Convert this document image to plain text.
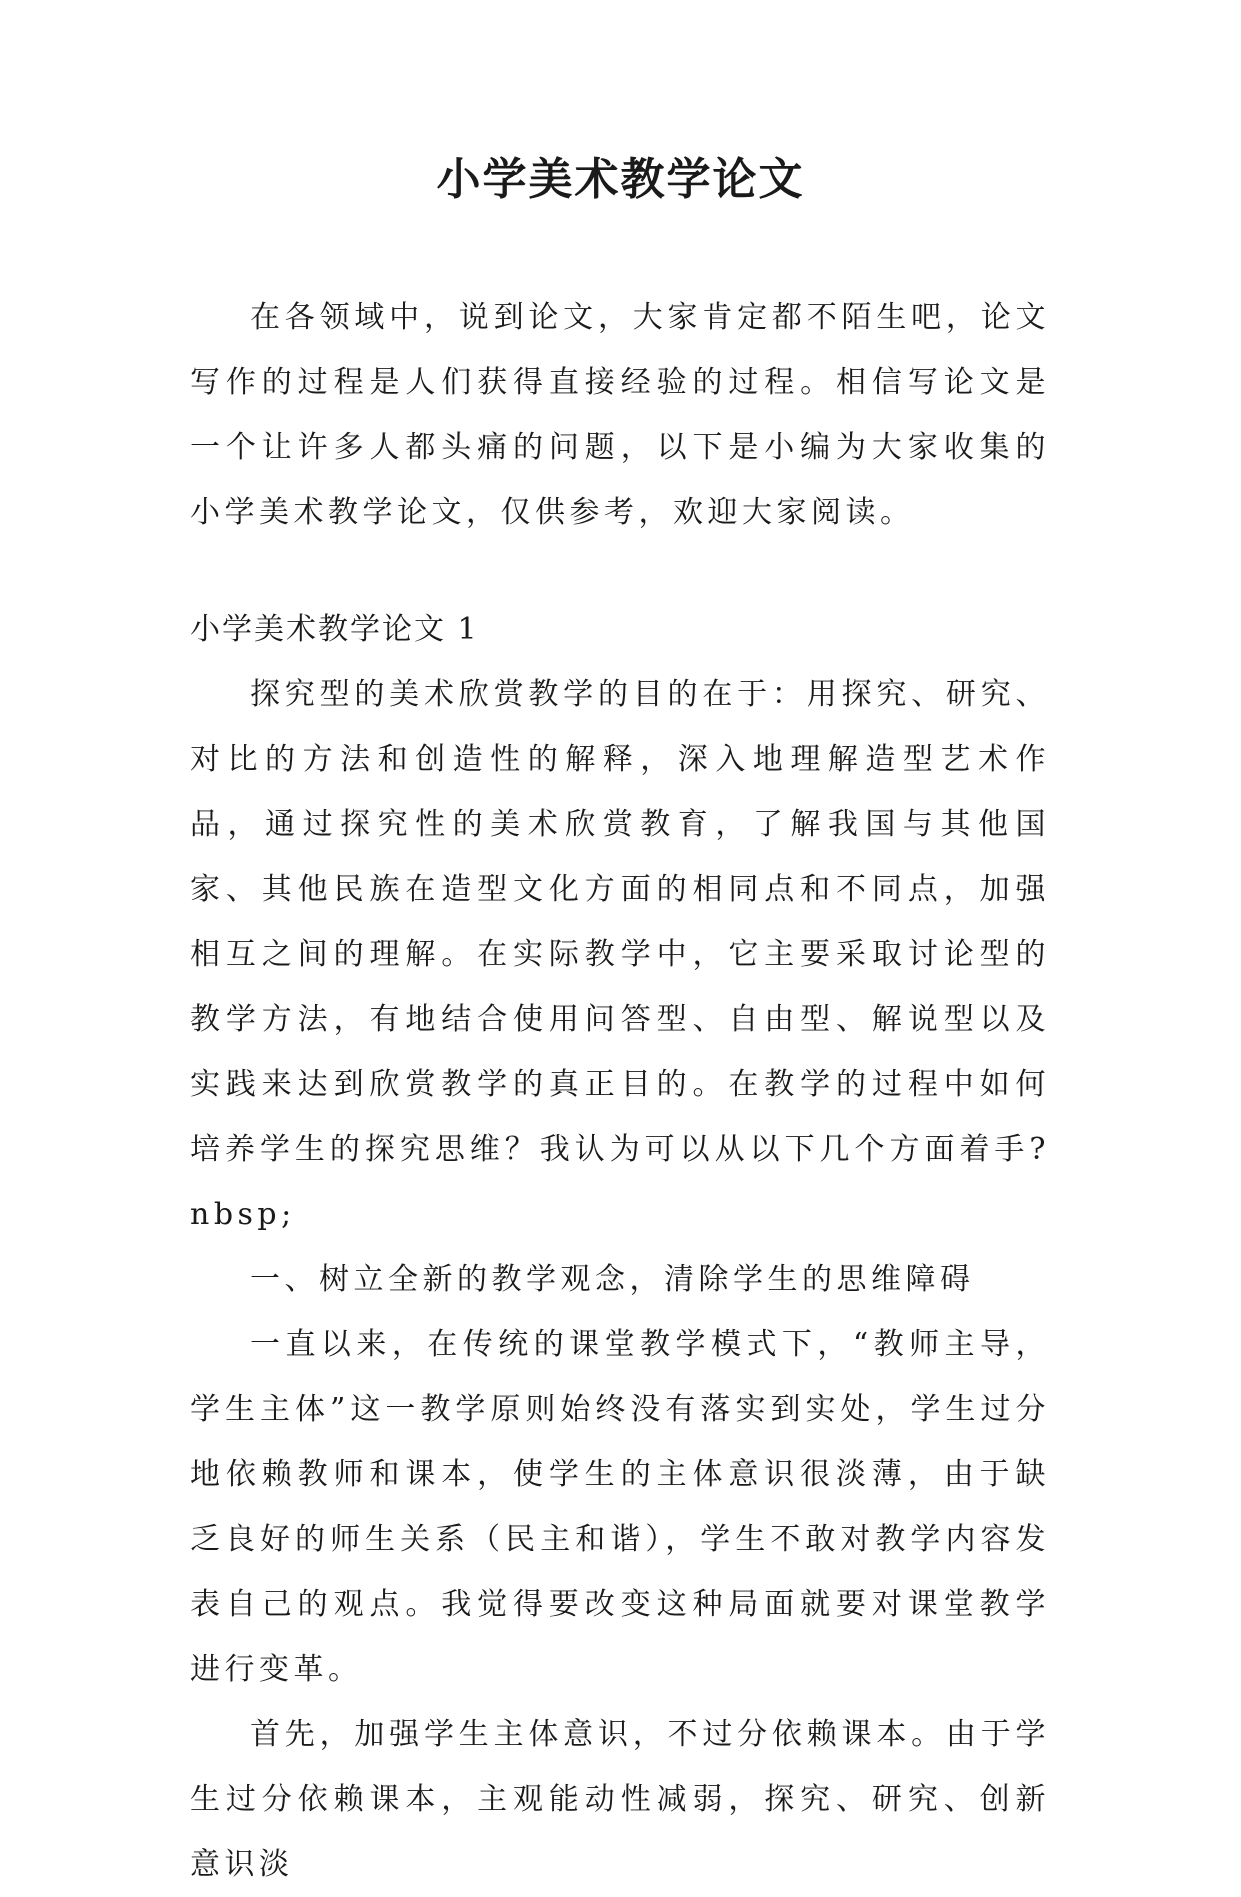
小学美术教学论文

在各领域中，说到论文，大家肯定都不陌生吧，论文写作的过程是人们获得直接经验的过程。相信写论文是一个让许多人都头痛的问题，以下是小编为大家收集的小学美术教学论文，仅供参考，欢迎大家阅读。

小学美术教学论文 1

探究型的美术欣赏教学的目的在于：用探究、研究、对比的方法和创造性的解释，深入地理解造型艺术作品，通过探究性的美术欣赏教育，了解我国与其他国家、其他民族在造型文化方面的相同点和不同点，加强相互之间的理解。在实际教学中，它主要采取讨论型的教学方法，有地结合使用问答型、自由型、解说型以及实践来达到欣赏教学的真正目的。在教学的过程中如何培养学生的探究思维？我认为可以从以下几个方面着手?nbsp;

一、树立全新的教学观念，清除学生的思维障碍

一直以来，在传统的课堂教学模式下，“教师主导，学生主体”这一教学原则始终没有落实到实处，学生过分地依赖教师和课本，使学生的主体意识很淡薄，由于缺乏良好的师生关系（民主和谐），学生不敢对教学内容发表自己的观点。我觉得要改变这种局面就要对课堂教学进行变革。

首先，加强学生主体意识，不过分依赖课本。由于学生过分依赖课本，主观能动性减弱，探究、研究、创新意识淡
